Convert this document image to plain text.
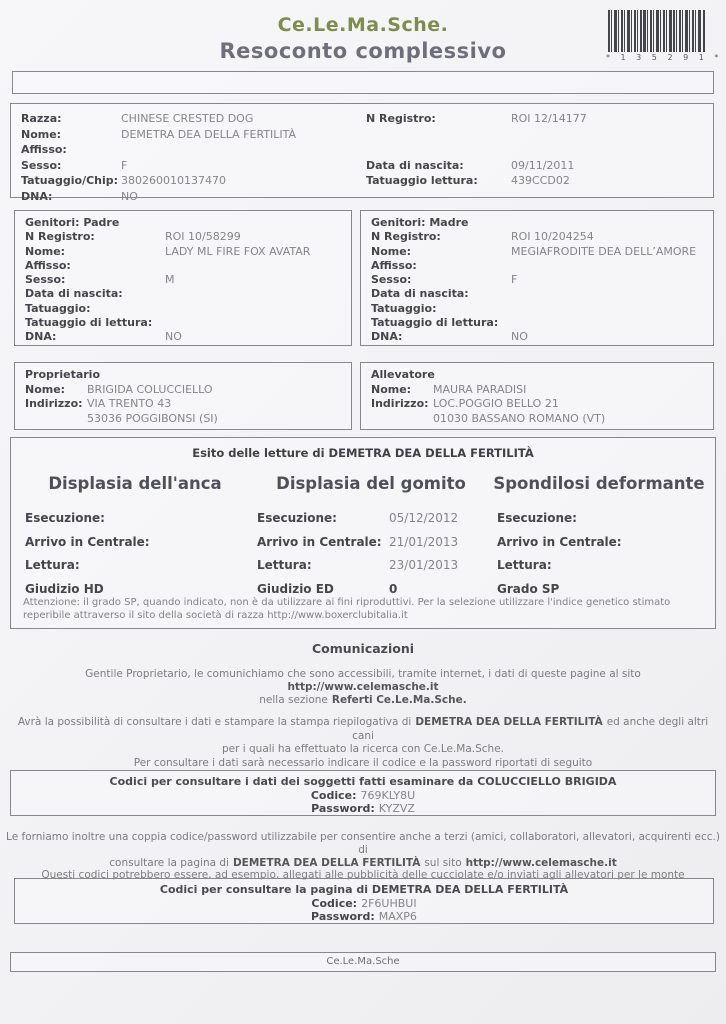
Ce.Le.Ma.Sche.
Resoconto complessivo	* 1 3 5 2 9 1 *
Razza:	CHINESE CRESTED DOG	N Registro:	ROI 12/14177
Nome:	DEMETRA DEA DELLA FERTILITÀ
Affisso:
Sesso:	F	Data di nascita:	09/11/2011
Tatuaggio/Chip: 380260010137470	Tatuaggio lettura:	439CCD02
DNA:	NO
Genitori: Padre
N Registro:	ROI 10/58299
Nome:	LADY ML FIRE FOX AVATAR
Affisso:
Sesso:	M
Data di nascita:
Tatuaggio:
Tatuaggio di lettura:
DNA:	NO
Genitori: Madre
N Registro:	ROI 10/204254
Nome:	MEGIAFRODITE DEA DELL’AMORE
Affisso:
Sesso:	F
Data di nascita:
Tatuaggio:
Tatuaggio di lettura:
DNA:	NO
Proprietario
Nome:	BRIGIDA COLUCCIELLO
Indirizzo: VIA TRENTO 43
53036 POGGIBONSI (SI)
Allevatore
Nome:	MAURA PARADISI
Indirizzo: LOC.POGGIO BELLO 21
01030 BASSANO ROMANO (VT)
Esito delle letture di DEMETRA DEA DELLA FERTILITÀ
Displasia dell'anca
Esecuzione:
Arrivo in Centrale:
Lettura:
Giudizio HD
Displasia del gomito
Esecuzione:	05/12/2012
Arrivo in Centrale: 21/01/2013
Lettura:	23/01/2013
Giudizio ED	0
Spondilosi deformante
Esecuzione:
Arrivo in Centrale:
Lettura:
Grado SP
Attenzione: il grado SP, quando indicato, non è da utilizzare ai fini riproduttivi. Per la selezione utilizzare l'indice genetico stimato
reperibile attraverso il sito della società di razza http://www.boxerclubitalia.it
Comunicazioni
Gentile Proprietario, le comunichiamo che sono accessibili, tramite internet, i dati di queste pagine al sito
http://www.celemasche.it
nella sezione Referti Ce.Le.Ma.Sche.
Avrà la possibilità di consultare i dati e stampare la stampa riepilogativa di DEMETRA DEA DELLA FERTILITÀ ed anche degli altri cani
per i quali ha effettuato la ricerca con Ce.Le.Ma.Sche.
Per consultare i dati sarà necessario indicare il codice e la password riportati di seguito
Codici per consultare i dati dei soggetti fatti esaminare da COLUCCIELLO BRIGIDA
Codice: 769KLY8U
Password: KYZVZ
Le forniamo inoltre una coppia codice/password utilizzabile per consentire anche a terzi (amici, collaboratori, allevatori, acquirenti ecc.) di
consultare la pagina di DEMETRA DEA DELLA FERTILITÀ sul sito http://www.celemasche.it
Questi codici potrebbero essere, ad esempio, allegati alle pubblicità delle cucciolate e/o inviati agli allevatori per le monte
Codici per consultare la pagina di DEMETRA DEA DELLA FERTILITÀ
Codice: 2F6UHBUI
Password: MAXP6
Ce.Le.Ma.Sche
